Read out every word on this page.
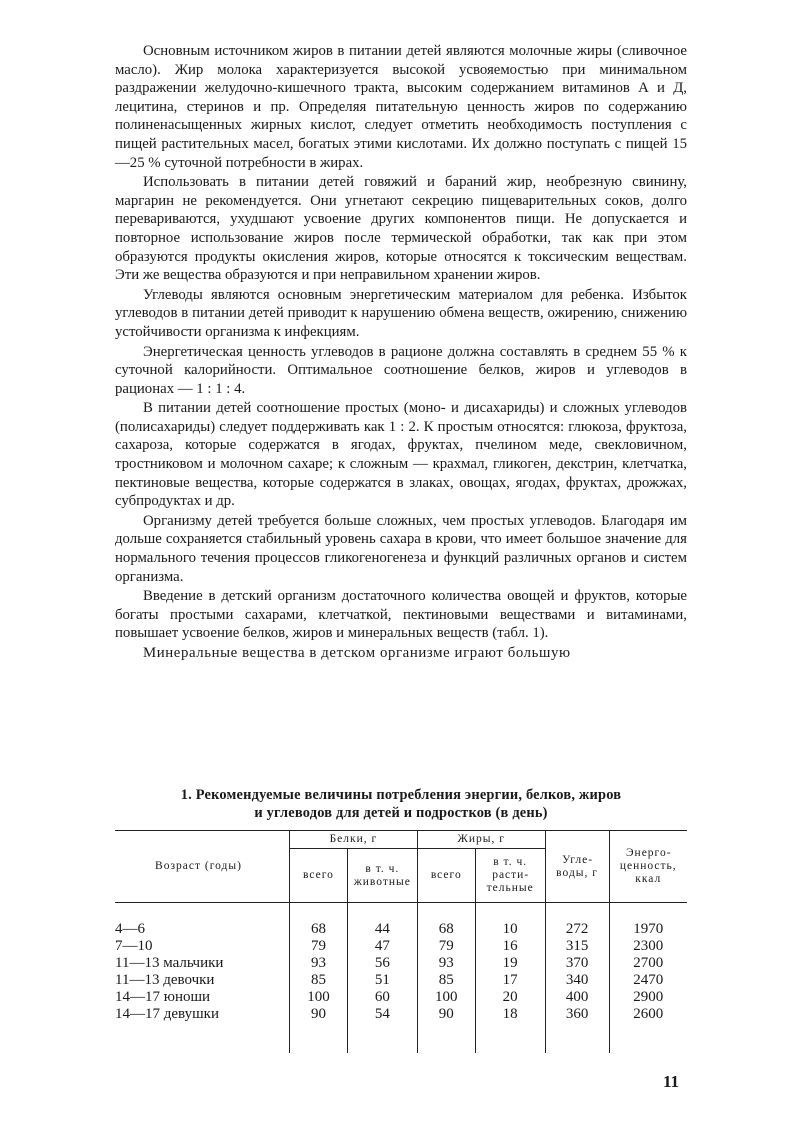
Основным источником жиров в питании детей являются молочные жиры (сливочное масло). Жир молока характеризуется высокой усвояемостью при минимальном раздражении желудочно-кишечного тракта, высоким содержанием витаминов А и Д, лецитина, стеринов и пр. Определяя питательную ценность жиров по содержанию полиненасыщенных жирных кислот, следует отметить необходимость поступления с пищей растительных масел, богатых этими кислотами. Их должно поступать с пищей 15—25 % суточной потребности в жирах.

Использовать в питании детей говяжий и бараний жир, необрезную свинину, маргарин не рекомендуется. Они угнетают секрецию пищеварительных соков, долго перевариваются, ухудшают усвоение других компонентов пищи. Не допускается и повторное использование жиров после термической обработки, так как при этом образуются продукты окисления жиров, которые относятся к токсическим веществам. Эти же вещества образуются и при неправильном хранении жиров.

Углеводы являются основным энергетическим материалом для ребенка. Избыток углеводов в питании детей приводит к нарушению обмена веществ, ожирению, снижению устойчивости организма к инфекциям.

Энергетическая ценность углеводов в рационе должна составлять в среднем 55 % к суточной калорийности. Оптимальное соотношение белков, жиров и углеводов в рационах — 1 : 1 : 4.

В питании детей соотношение простых (моно- и дисахариды) и сложных углеводов (полисахариды) следует поддерживать как 1 : 2. К простым относятся: глюкоза, фруктоза, сахароза, которые содержатся в ягодах, фруктах, пчелином меде, свекловичном, тростниковом и молочном сахаре; к сложным — крахмал, гликоген, декстрин, клетчатка, пектиновые вещества, которые содержатся в злаках, овощах, ягодах, фруктах, дрожжах, субпродуктах и др.

Организму детей требуется больше сложных, чем простых углеводов. Благодаря им дольше сохраняется стабильный уровень сахара в крови, что имеет большое значение для нормального течения процессов гликогеногенеза и функций различных органов и систем организма.

Введение в детский организм достаточного количества овощей и фруктов, которые богаты простыми сахарами, клетчаткой, пектиновыми веществами и витаминами, повышает усвоение белков, жиров и минеральных веществ (табл. 1).

Минеральные вещества в детском организме играют большую

1. Рекомендуемые величины потребления энергии, белков, жиров
и углеводов для детей и подростков (в день)
Возраст (годы)	Белки, г		Жиры, г		Углеводы, г	Энергоценность, ккал
	всего	в т. ч. животные	всего	в т. ч. растительные		
4—6	68	44	68	10	272	1970
7—10	79	47	79	16	315	2300
11—13 мальчики	93	56	93	19	370	2700
11—13 девочки	85	51	85	17	340	2470
14—17 юноши	100	60	100	20	400	2900
14—17 девушки	90	54	90	18	360	2600
11
